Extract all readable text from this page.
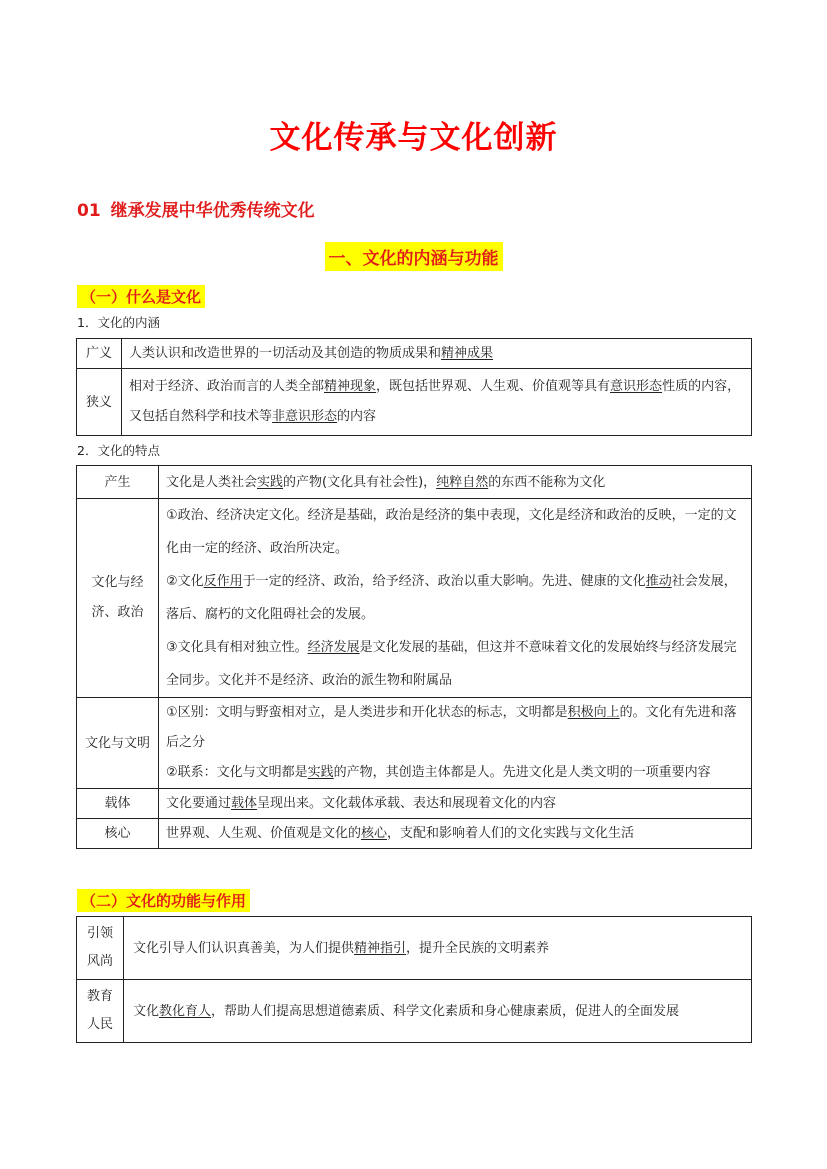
文化传承与文化创新
01 继承发展中华优秀传统文化
一、文化的内涵与功能
（一）什么是文化
1．文化的内涵
广义	人类认识和改造世界的一切活动及其创造的物质成果和精神成果
狭义	相对于经济、政治而言的人类全部精神现象，既包括世界观、人生观、价值观等具有意识形态性质的内容，又包括自然科学和技术等非意识形态的内容
2．文化的特点
产生	文化是人类社会实践的产物(文化具有社会性)，纯粹自然的东西不能称为文化
文化与经济、政治	①政治、经济决定文化。经济是基础，政治是经济的集中表现，文化是经济和政治的反映，一定的文化由一定的经济、政治所决定。

②文化反作用于一定的经济、政治，给予经济、政治以重大影响。先进、健康的文化推动社会发展，落后、腐朽的文化阻碍社会的发展。

③文化具有相对独立性。经济发展是文化发展的基础，但这并不意味着文化的发展始终与经济发展完全同步。文化并不是经济、政治的派生物和附属品

文化与文明	①区别：文明与野蛮相对立，是人类进步和开化状态的标志，文明都是积极向上的。文化有先进和落后之分

②联系：文化与文明都是实践的产物，其创造主体都是人。先进文化是人类文明的一项重要内容

载体	文化要通过载体呈现出来。文化载体承载、表达和展现着文化的内容
核心	世界观、人生观、价值观是文化的核心，支配和影响着人们的文化实践与文化生活
（二）文化的功能与作用
引领风尚	文化引导人们认识真善美，为人们提供精神指引，提升全民族的文明素养
教育人民	文化教化育人，帮助人们提高思想道德素质、科学文化素质和身心健康素质，促进人的全面发展
